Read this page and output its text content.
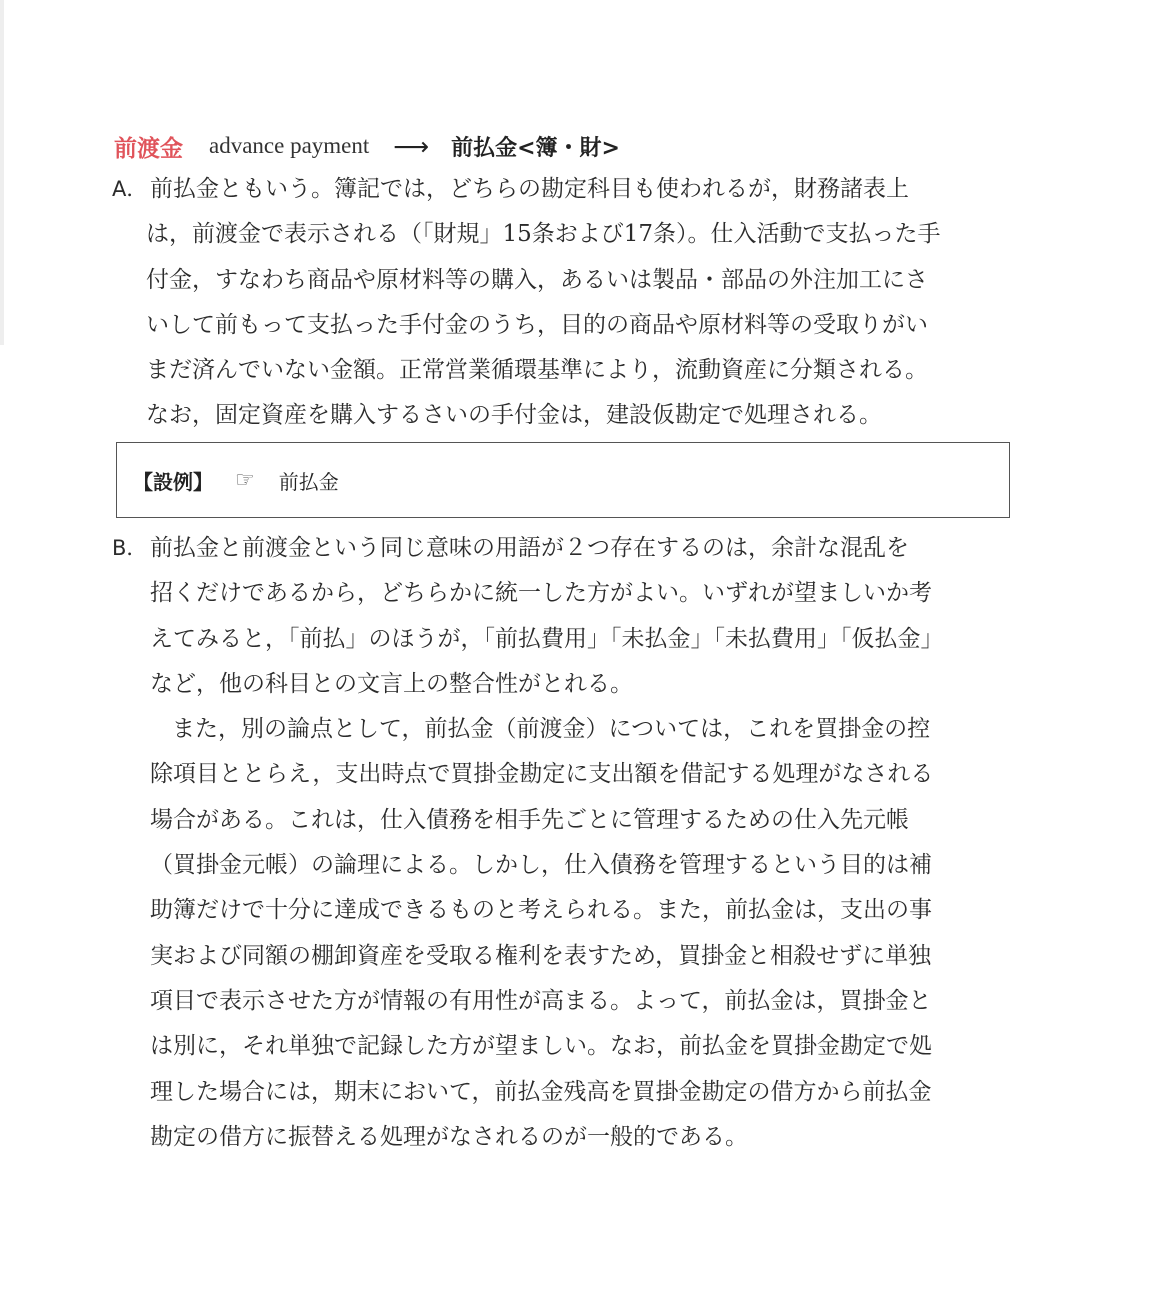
前渡金 advance payment ⟶ 前払金<簿・財>
A． 前払金ともいう。簿記では，どちらの勘定科目も使われるが，財務諸表上
は，前渡金で表示される（「財規」15条および17条）。仕入活動で支払った手
付金，すなわち商品や原材料等の購入，あるいは製品・部品の外注加工にさ
いして前もって支払った手付金のうち，目的の商品や原材料等の受取りがい
まだ済んでいない金額。正常営業循環基準により，流動資産に分類される。
なお，固定資産を購入するさいの手付金は，建設仮勘定で処理される。
【設例】 ☞ 前払金
B． 前払金と前渡金という同じ意味の用語が２つ存在するのは，余計な混乱を
招くだけであるから，どちらかに統一した方がよい。いずれが望ましいか考
えてみると，「前払」のほうが，「前払費用」「未払金」「未払費用」「仮払金」
など，他の科目との文言上の整合性がとれる。
また，別の論点として，前払金（前渡金）については，これを買掛金の控
除項目ととらえ，支出時点で買掛金勘定に支出額を借記する処理がなされる
場合がある。これは，仕入債務を相手先ごとに管理するための仕入先元帳
（買掛金元帳）の論理による。しかし，仕入債務を管理するという目的は補
助簿だけで十分に達成できるものと考えられる。また，前払金は，支出の事
実および同額の棚卸資産を受取る権利を表すため，買掛金と相殺せずに単独
項目で表示させた方が情報の有用性が高まる。よって，前払金は，買掛金と
は別に，それ単独で記録した方が望ましい。なお，前払金を買掛金勘定で処
理した場合には，期末において，前払金残高を買掛金勘定の借方から前払金
勘定の借方に振替える処理がなされるのが一般的である。
